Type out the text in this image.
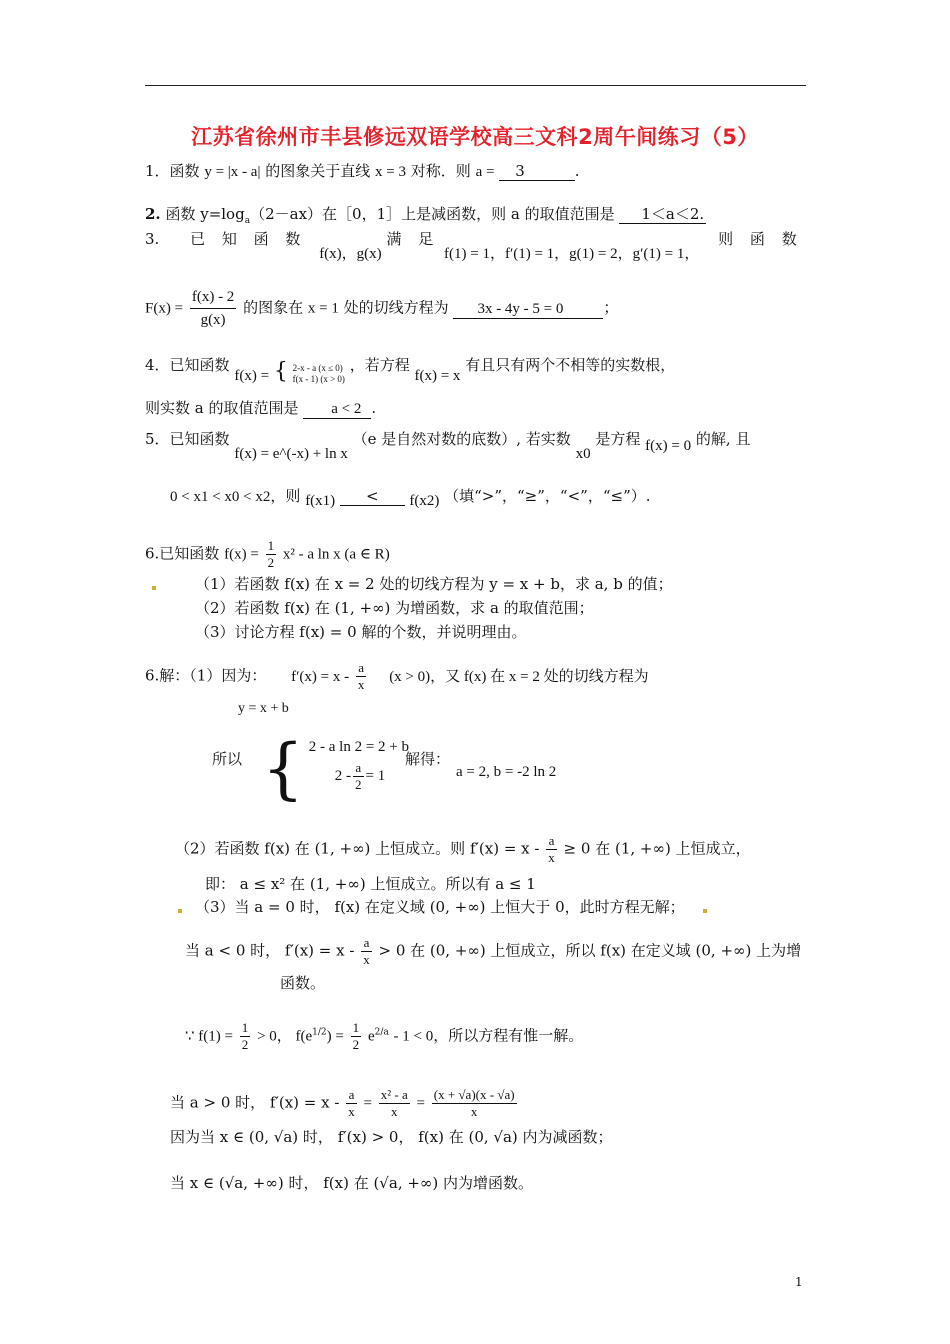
江苏省徐州市丰县修远双语学校高三文科2周午间练习（5）
1．函数 y = |x - a| 的图象关于直线 x = 3 对称．则 a = 3	.
2. 函数 $y=\log_a(2-ax)$在［0，1］上是减函数，则 a 的取值范围是 1＜a＜2.
3. 已 知 函 数 f(x)，g(x) 满 足 f(1) = 1，f′(1) = 1，g(1) = 2，g′(1) = 1， 则 函 数
$F(x) = \frac{f(x) - 2}{g(x)}$ 的图象在 x = 1 处的切线方程为 3x - 4y - 5 = 0	；
4．已知函数 f(x) = { 2-x - a (x ≤ 0)
f(x - 1) (x > 0)
，若方程 f(x) = x 有且只有两个不相等的实数根，
则实数 a 的取值范围是 a < 2 .
5．已知函数 f(x) = e^(-x) + ln x （e 是自然对数的底数）, 若实数 x0 是方程 f(x) = 0 的解, 且
0 < x1 < x0 < x2，则 f(x1) < f(x2) （填“>”，“≥”，“<”，“≤”）.
6.已知函数 $f(x) = \frac{1}{2} x^2 - a$ ln x (a ∈ R)
（1）若函数 f(x) 在 x = 2 处的切线方程为 y = x + b，求 a, b 的值；
（2）若函数 f(x) 在 (1, +∞) 为增函数，求 a 的取值范围；
（3）讨论方程 f(x) = 0 解的个数，并说明理由。
6.解：（1）因为： $f'(x) = x - \frac{a}{x} (x > 0)$，又 f(x) 在 x = 2 处的切线方程为
y = x + b
所以 { 2 - a ln 2 = 2 + b
$2 - \frac{a}{2} = 1$
解得：
a = 2, b = -2 ln 2
（2）若函数 f(x) 在 (1, +∞) 上恒成立。则 $f'(x) = x - \frac{a}{x} \ge 0$ 在 (1, +∞) 上恒成立，
即： a ≤ x² 在 (1, +∞) 上恒成立。所以有 a ≤ 1
（3）当 a = 0 时， f(x) 在定义域 (0, +∞) 上恒大于 0，此时方程无解；
当 a < 0 时， $f'(x) = x - \frac{a}{x} > 0$ 在 (0, +∞) 上恒成立，所以 f(x) 在定义域 (0, +∞) 上为增
函数。
∵ $f(1) = \frac{1}{2} > 0$， $f(e^{1/2}) = \frac{1}{2} e^{2/a} - 1 < 0$，所以方程有惟一解。
当 a > 0 时， $f'(x) = x - \frac{a}{x} = \frac{\text{x² - a}}{x} = \frac{(x + √a)(x - √a)}{x}$
因为当 x ∈ (0, √a) 时， f′(x) > 0， f(x) 在 (0, √a) 内为减函数；
当 x ∈ (√a, +∞) 时， f(x) 在 (√a, +∞) 内为增函数。
1
